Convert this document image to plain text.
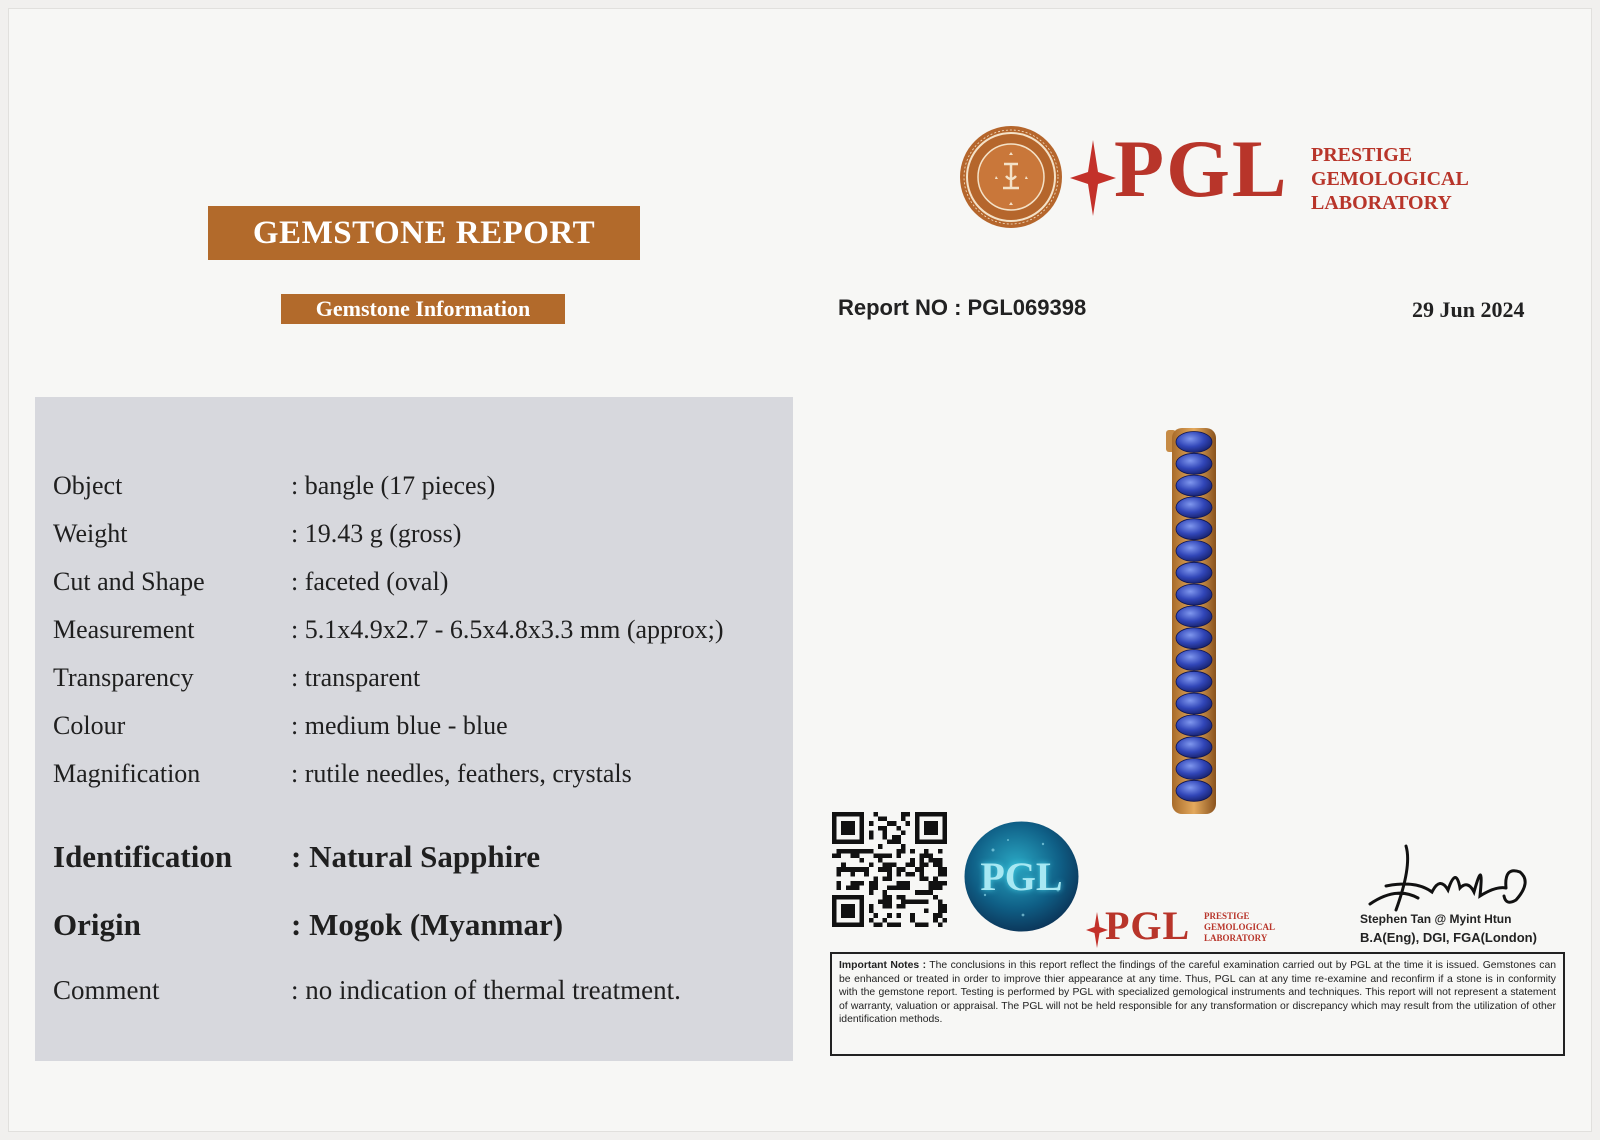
GEMSTONE REPORT
Gemstone Information
PGL PRESTIGE
GEMOLOGICAL
LABORATORY
Report NO : PGL069398	29 Jun 2024
Object	: bangle (17 pieces)
Weight	: 19.43 g (gross)
Cut and Shape	: faceted (oval)
Measurement	: 5.1x4.9x2.7 - 6.5x4.8x3.3 mm (approx;)
Transparency	: transparent
Colour	: medium blue - blue
Magnification	: rutile needles, feathers, crystals
Identification : Natural Sapphire
Origin	: Mogok (Myanmar)
Comment	: no indication of thermal treatment.
PGL
PGL PRESTIGE
GEMOLOGICAL
LABORATORY
Stephen Tan @ Myint Htun
B.A(Eng), DGI, FGA(London)
Important Notes : The conclusions in this report reflect the findings of the careful examination carried out by PGL at the time it is issued. Gemstones can be enhanced or treated in order to improve thier appearance at any time. Thus, PGL can at any time re-examine and reconfirm if a stone is in conformity with the gemstone report. Testing is performed by PGL with specialized gemological instruments and techniques. This report will not represent a statement of warranty, valuation or appraisal. The PGL will not be held responsible for any transformation or discrepancy which may result from the utilization of other identification methods.
